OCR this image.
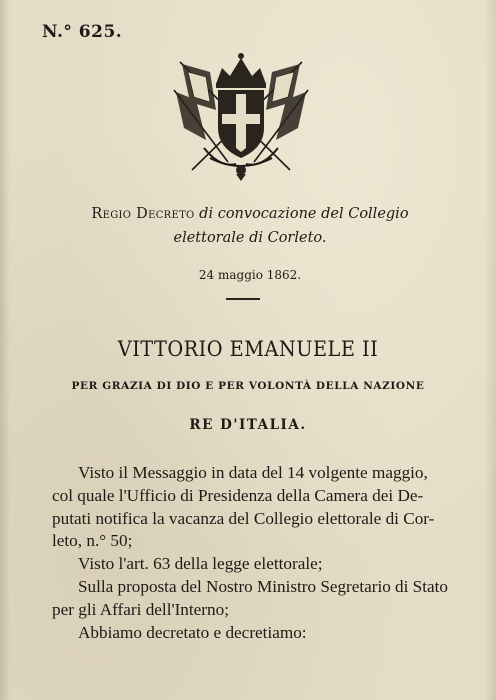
N.° 625.
Regio Decreto di convocazione del Collegio
elettorale di Corleto.
24 maggio 1862.
VITTORIO EMANUELE II
PER GRAZIA DI DIO E PER VOLONTÀ DELLA NAZIONE
RE D'ITALIA.
Visto il Messaggio in data del 14 volgente maggio,
col quale l'Ufficio di Presidenza della Camera dei De-
putati notifica la vacanza del Collegio elettorale di Cor-
leto, n.° 50;
Visto l'art. 63 della legge elettorale;
Sulla proposta del Nostro Ministro Segretario di Stato
per gli Affari dell'Interno;
Abbiamo decretato e decretiamo:
